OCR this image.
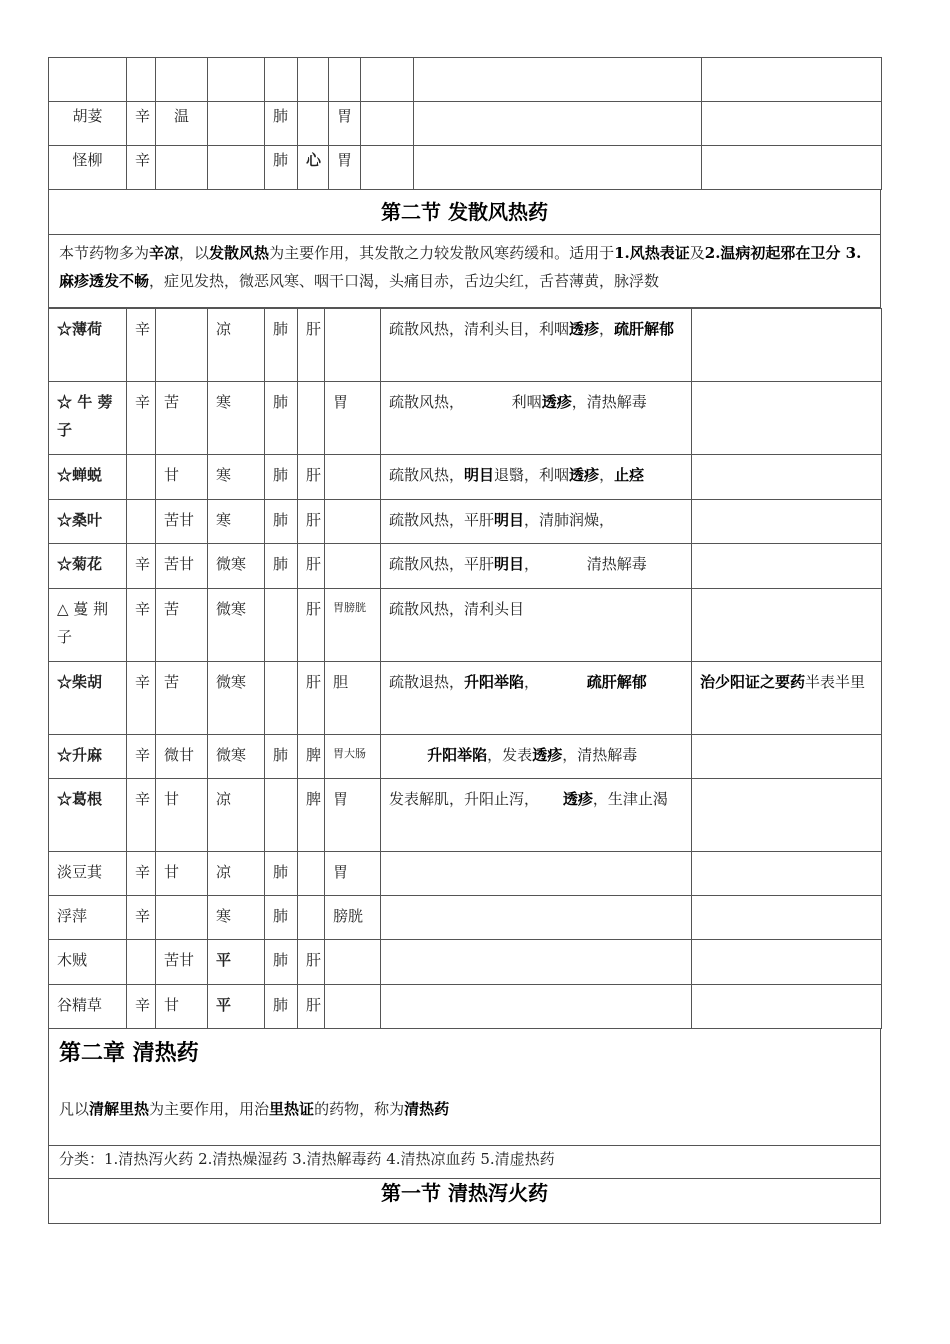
胡荽	辛	温		肺		胃			
怪柳	辛			肺	心	胃			
第二节 发散风热药
本节药物多为辛凉，以发散风热为主要作用，其发散之力较发散风寒药缓和。适用于1.风热表证及2.温病初起邪在卫分 3.麻疹透发不畅，症见发热，微恶风寒、咽干口渴，头痛目赤，舌边尖红，舌苔薄黄，脉浮数
☆薄荷	辛		凉	肺	肝		疏散风热，清利头目，利咽透疹，疏肝解郁	
☆ 牛 蒡 子	辛	苦	寒	肺		胃	疏散风热，          利咽透疹，清热解毒	
☆蝉蜕		甘	寒	肺	肝		疏散风热，明目退翳，利咽透疹，止痉	
☆桑叶		苦甘	寒	肺	肝		疏散风热，平肝明目，清肺润燥，	
☆菊花	辛	苦甘	微寒	肺	肝		疏散风热，平肝明目，          清热解毒	
△ 蔓 荆 子	辛	苦	微寒		肝	胃膀胱	疏散风热，清利头目	
☆柴胡	辛	苦	微寒		肝	胆	疏散退热，升阳举陷，          疏肝解郁	治少阳证之要药半表半里
☆升麻	辛	微甘	微寒	肺	脾	胃大肠	升阳举陷，发表透疹，清热解毒	
☆葛根	辛	甘	凉		脾	胃	发表解肌，升阳止泻，     透疹，生津止渴	
淡豆萁	辛	甘	凉	肺		胃		
浮萍	辛		寒	肺		膀胱		
木贼		苦甘	平	肺	肝			
谷精草	辛	甘	平	肺	肝			
第二章 清热药
凡以清解里热为主要作用，用治里热证的药物，称为清热药

分类：1.清热泻火药 2.清热燥湿药 3.清热解毒药 4.清热凉血药 5.清虚热药
第一节 清热泻火药
